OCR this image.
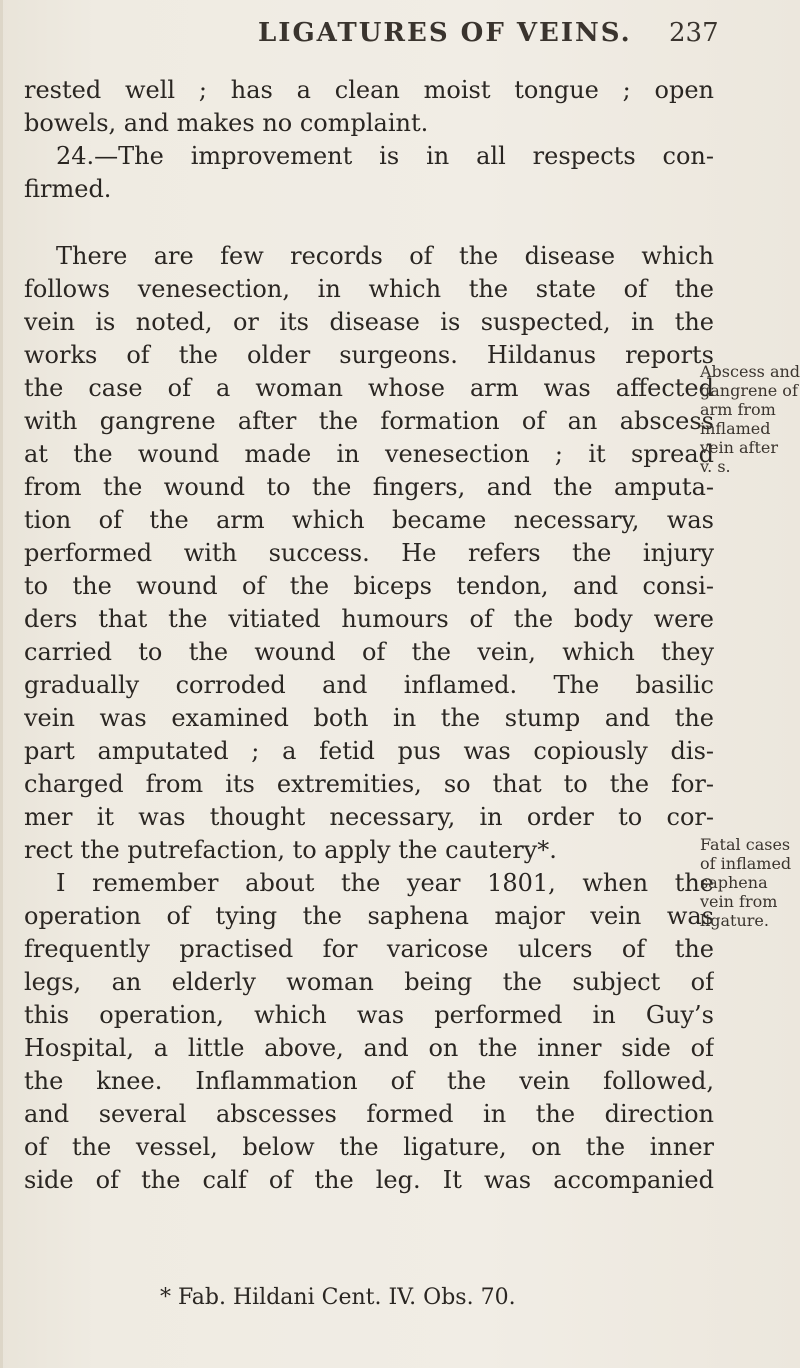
LIGATURES OF VEINS. 237
rested well ; has a clean moist tongue ; open
bowels, and makes no complaint.
24.—The improvement is in all respects con-
firmed.
There are few records of the disease which
follows venesection, in which the state of the
vein is noted, or its disease is suspected, in the
works of the older surgeons. Hildanus reports
the case of a woman whose arm was affected
with gangrene after the formation of an abscess
at the wound made in venesection ; it spread
from the wound to the fingers, and the amputa-
tion of the arm which became necessary, was
performed with success. He refers the injury
to the wound of the biceps tendon, and consi-
ders that the vitiated humours of the body were
carried to the wound of the vein, which they
gradually corroded and inflamed. The basilic
vein was examined both in the stump and the
part amputated ; a fetid pus was copiously dis-
charged from its extremities, so that to the for-
mer it was thought necessary, in order to cor-
rect the putrefaction, to apply the cautery*.
I remember about the year 1801, when the
operation of tying the saphena major vein was
frequently practised for varicose ulcers of the
legs, an elderly woman being the subject of
this operation, which was performed in Guy’s
Hospital, a little above, and on the inner side of
the knee. Inflammation of the vein followed,
and several abscesses formed in the direction
of the vessel, below the ligature, on the inner
side of the calf of the leg. It was accompanied
* Fab. Hildani Cent. IV. Obs. 70.
Abscess and
gangrene of
arm from
inflamed
vein after
v. s.
Fatal cases
of inflamed
saphena
vein from
ligature.
